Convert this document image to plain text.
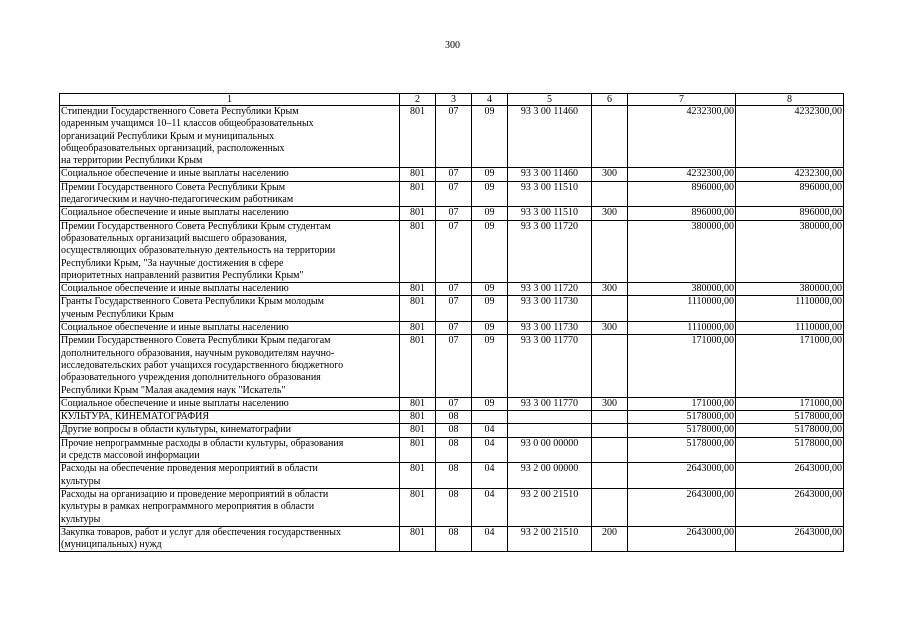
300
1	2	3	4	5	6	7	8

Стипендии Государственного Совета Республики Крым
одаренным учащимся 10–11 классов общеобразовательных
организаций Республики Крым и муниципальных
общеобразовательных организаций, расположенных
на территории Республики Крым	801	07	09	93 3 00 11460		4232300,00	4232300,00

Социальное обеспечение и иные выплаты населению	801	07	09	93 3 00 11460	300	4232300,00	4232300,00

Премии Государственного Совета Республики Крым
педагогическим и научно-педагогическим работникам	801	07	09	93 3 00 11510		896000,00	896000,00

Социальное обеспечение и иные выплаты населению	801	07	09	93 3 00 11510	300	896000,00	896000,00

Премии Государственного Совета Республики Крым студентам
образовательных организаций высшего образования,
осуществляющих образовательную деятельность на территории
Республики Крым, "За научные достижения в сфере
приоритетных направлений развития Республики Крым"	801	07	09	93 3 00 11720		380000,00	380000,00

Социальное обеспечение и иные выплаты населению	801	07	09	93 3 00 11720	300	380000,00	380000,00

Гранты Государственного Совета Республики Крым молодым
ученым Республики Крым	801	07	09	93 3 00 11730		1110000,00	1110000,00

Социальное обеспечение и иные выплаты населению	801	07	09	93 3 00 11730	300	1110000,00	1110000,00

Премии Государственного Совета Республики Крым педагогам
дополнительного образования, научным руководителям научно-
исследовательских работ учащихся государственного бюджетного
образовательного учреждения дополнительного образования
Республики Крым "Малая академия наук "Искатель"	801	07	09	93 3 00 11770		171000,00	171000,00

Социальное обеспечение и иные выплаты населению	801	07	09	93 3 00 11770	300	171000,00	171000,00

КУЛЬТУРА, КИНЕМАТОГРАФИЯ	801	08				5178000,00	5178000,00

Другие вопросы в области культуры, кинематографии	801	08	04			5178000,00	5178000,00

Прочие непрограммные расходы в области культуры, образования
и средств массовой информации	801	08	04	93 0 00 00000		5178000,00	5178000,00

Расходы на обеспечение проведения мероприятий в области
культуры	801	08	04	93 2 00 00000		2643000,00	2643000,00

Расходы на организацию и проведение мероприятий в области
культуры в рамках непрограммного мероприятия в области
культуры	801	08	04	93 2 00 21510		2643000,00	2643000,00

Закупка товаров, работ и услуг для обеспечения государственных
(муниципальных) нужд	801	08	04	93 2 00 21510	200	2643000,00	2643000,00
